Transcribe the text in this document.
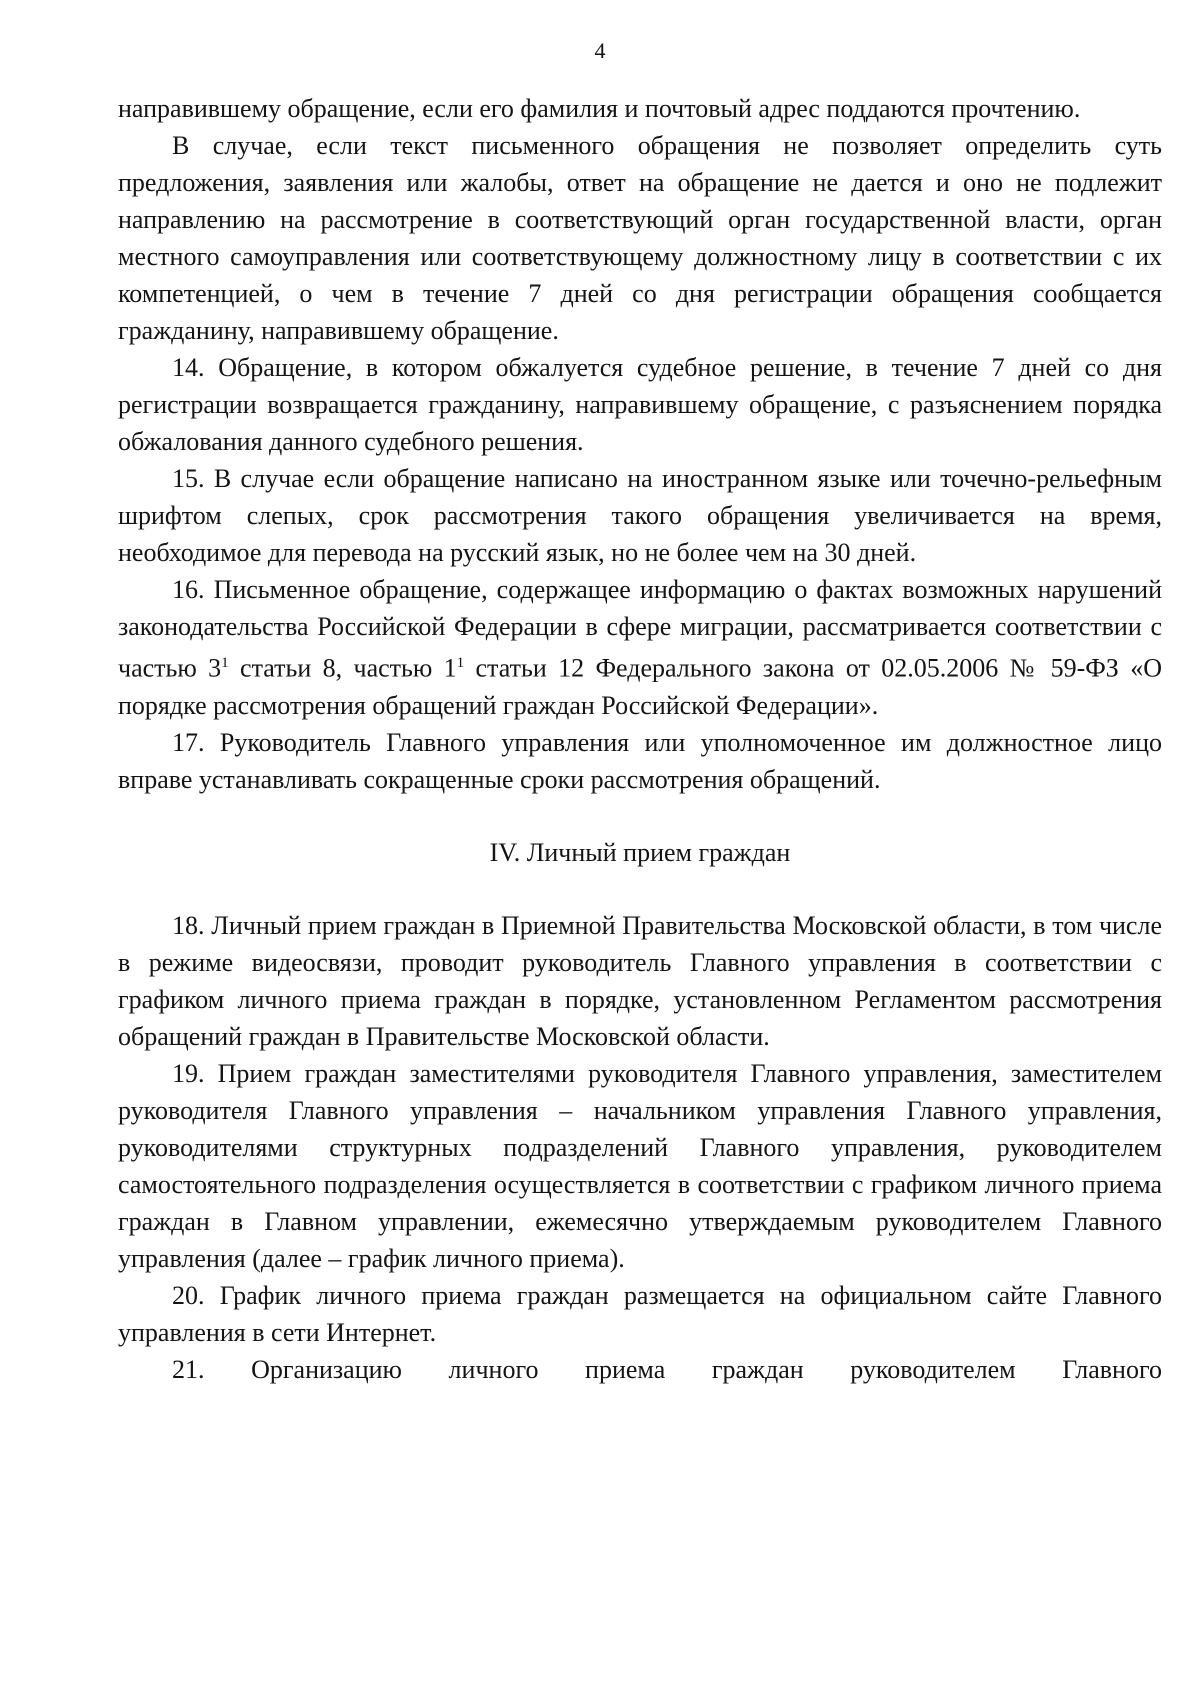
4

направившему обращение, если его фамилия и почтовый адрес поддаются прочтению.

В случае, если текст письменного обращения не позволяет определить суть предложения, заявления или жалобы, ответ на обращение не дается и оно не подлежит направлению на рассмотрение в соответствующий орган государственной власти, орган местного самоуправления или соответствующему должностному лицу в соответствии с их компетенцией, о чем в течение 7 дней со дня регистрации обращения сообщается гражданину, направившему обращение.

14. Обращение, в котором обжалуется судебное решение, в течение 7 дней со дня регистрации возвращается гражданину, направившему обращение, с разъяснением порядка обжалования данного судебного решения.

15. В случае если обращение написано на иностранном языке или точечно-рельефным шрифтом слепых, срок рассмотрения такого обращения увеличивается на время, необходимое для перевода на русский язык, но не более чем на 30 дней.

16. Письменное обращение, содержащее информацию о фактах возможных нарушений законодательства Российской Федерации в сфере миграции, рассматривается соответствии с частью $3^1$ статьи 8, частью $1^1$ статьи 12 Федерального закона от 02.05.2006 № 59-ФЗ «О порядке рассмотрения обращений граждан Российской Федерации».

17. Руководитель Главного управления или уполномоченное им должностное лицо вправе устанавливать сокращенные сроки рассмотрения обращений.

IV. Личный прием граждан

18. Личный прием граждан в Приемной Правительства Московской области, в том числе в режиме видеосвязи, проводит руководитель Главного управления в соответствии с графиком личного приема граждан в порядке, установленном Регламентом рассмотрения обращений граждан в Правительстве Московской области.

19. Прием граждан заместителями руководителя Главного управления, заместителем руководителя Главного управления – начальником управления Главного управления, руководителями структурных подразделений Главного управления, руководителем самостоятельного подразделения осуществляется в соответствии с графиком личного приема граждан в Главном управлении, ежемесячно утверждаемым руководителем Главного управления (далее – график личного приема).

20. График личного приема граждан размещается на официальном сайте Главного управления в сети Интернет.

21. Организацию личного приема граждан руководителем Главного
